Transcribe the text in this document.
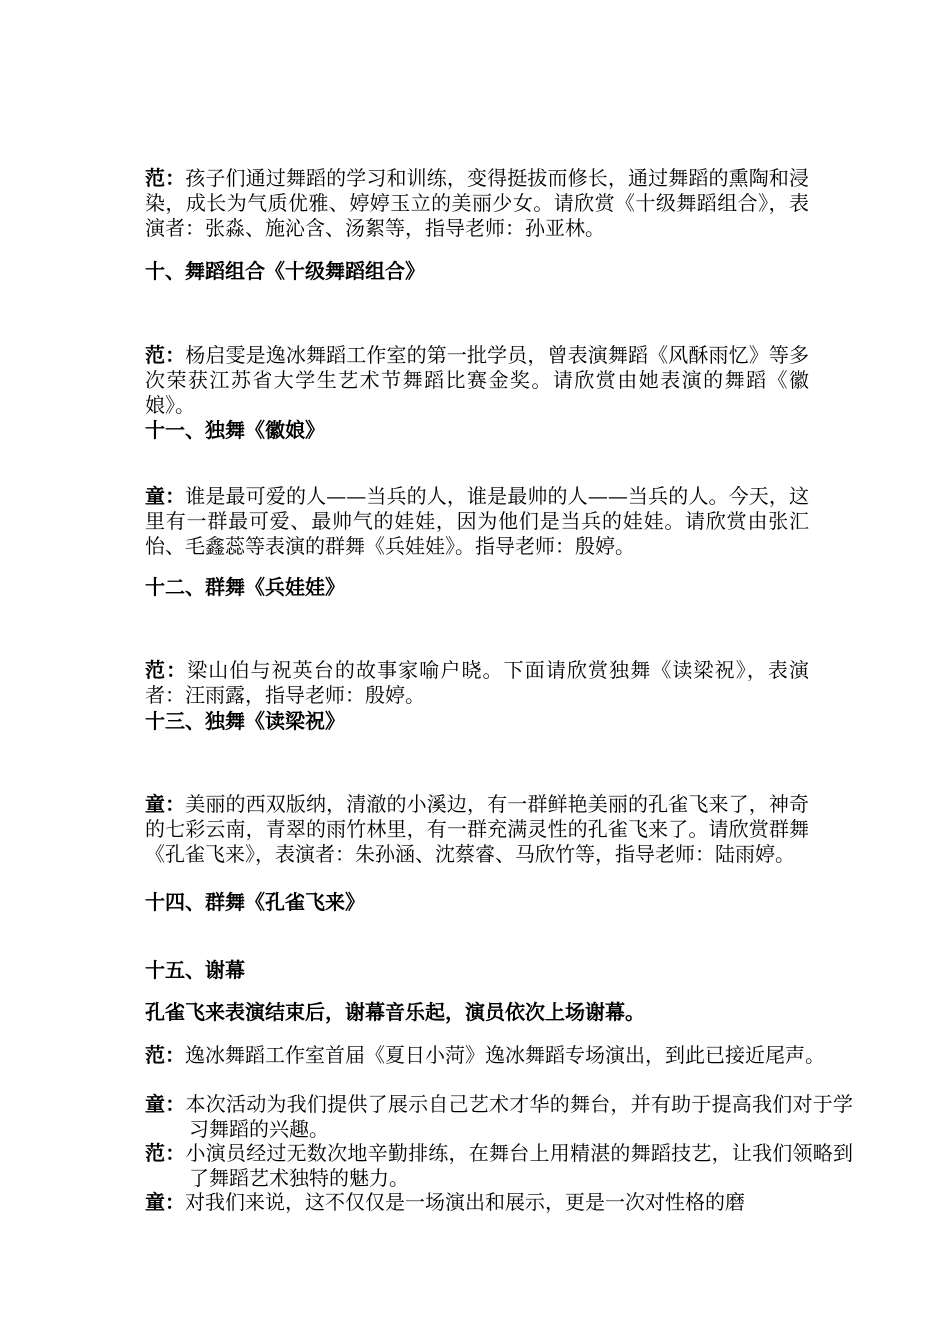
范：孩子们通过舞蹈的学习和训练，变得挺拔而修长，通过舞蹈的熏陶和浸染，成长为气质优雅、婷婷玉立的美丽少女。请欣赏《十级舞蹈组合》，表演者：张淼、施沁含、汤絮等，指导老师：孙亚林。

十、舞蹈组合《十级舞蹈组合》

范：杨启雯是逸冰舞蹈工作室的第一批学员，曾表演舞蹈《风酥雨忆》等多次荣获江苏省大学生艺术节舞蹈比赛金奖。请欣赏由她表演的舞蹈《徽娘》。

十一、独舞《徽娘》

童：谁是最可爱的人——当兵的人，谁是最帅的人——当兵的人。今天，这里有一群最可爱、最帅气的娃娃，因为他们是当兵的娃娃。请欣赏由张汇怡、毛鑫蕊等表演的群舞《兵娃娃》。指导老师：殷婷。

十二、群舞《兵娃娃》

范：梁山伯与祝英台的故事家喻户晓。下面请欣赏独舞《读梁祝》，表演者：汪雨露，指导老师：殷婷。

十三、独舞《读梁祝》

童：美丽的西双版纳，清澈的小溪边，有一群鲜艳美丽的孔雀飞来了，神奇的七彩云南，青翠的雨竹林里，有一群充满灵性的孔雀飞来了。请欣赏群舞《孔雀飞来》，表演者：朱孙涵、沈蔡睿、马欣竹等，指导老师：陆雨婷。

十四、群舞《孔雀飞来》

十五、谢幕

孔雀飞来表演结束后，谢幕音乐起，演员依次上场谢幕。

范：逸冰舞蹈工作室首届《夏日小菏》逸冰舞蹈专场演出，到此已接近尾声。

童：本次活动为我们提供了展示自己艺术才华的舞台，并有助于提高我们对于学习舞蹈的兴趣。

范：小演员经过无数次地辛勤排练，在舞台上用精湛的舞蹈技艺，让我们领略到了舞蹈艺术独特的魅力。

童：对我们来说，这不仅仅是一场演出和展示，更是一次对性格的磨
